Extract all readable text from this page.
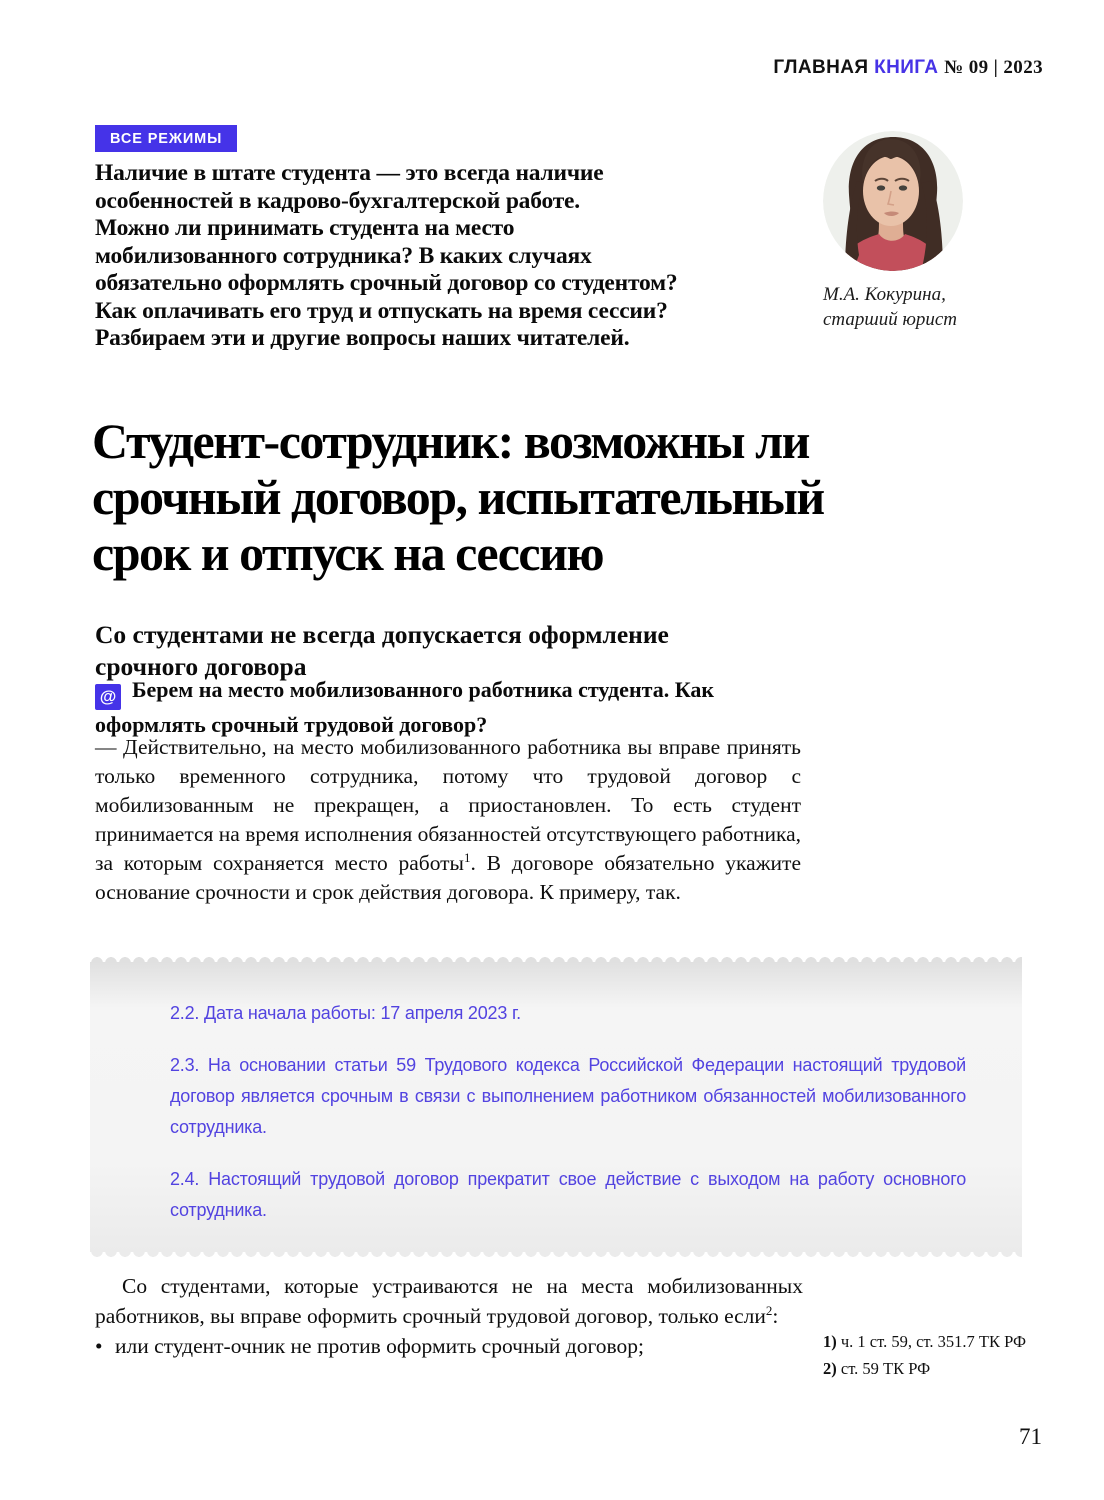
ГЛАВНАЯ КНИГА № 09 | 2023
ВСЕ РЕЖИМЫ
Наличие в штате студента — это всегда наличие
особенностей в кадрово-бухгалтерской работе.
Можно ли принимать студента на место
мобилизованного сотрудника? В каких случаях
обязательно оформлять срочный договор со студентом?
Как оплачивать его труд и отпускать на время сессии?
Разбираем эти и другие вопросы наших читателей.
М.А. Кокурина,
старший юрист
Студент-сотрудник: возможны ли
срочный договор, испытательный
срок и отпуск на сессию
Со студентами не всегда допускается оформление
срочного договора
@ Берем на место мобилизованного работника студента. Как оформлять срочный трудовой договор?
— Действительно, на место мобилизованного работника вы вправе принять только временного сотрудника, потому что трудовой договор с мобилизованным не прекращен, а приостановлен. То есть студент принимается на время исполнения обязанностей отсутствующего работника, за которым сохраняется место работы$^1$. В договоре обязательно укажите основание срочности и срок действия договора. К примеру, так.

2.2. Дата начала работы: 17 апреля 2023 г.

2.3. На основании статьи 59 Трудового кодекса Российской Федерации настоящий трудовой договор является срочным в связи с выполнением работником обязанностей мобилизованного сотрудника.

2.4. Настоящий трудовой договор прекратит свое действие с выходом на работу основного сотрудника.

Со студентами, которые устраиваются не на места мобилизованных работников, вы вправе оформить срочный трудовой договор, только если$^2$:

• или студент-очник не против оформить срочный договор;	1) ч. 1 ст. 59, ст. 351.7 ТК РФ
2) ст. 59 ТК РФ
71
